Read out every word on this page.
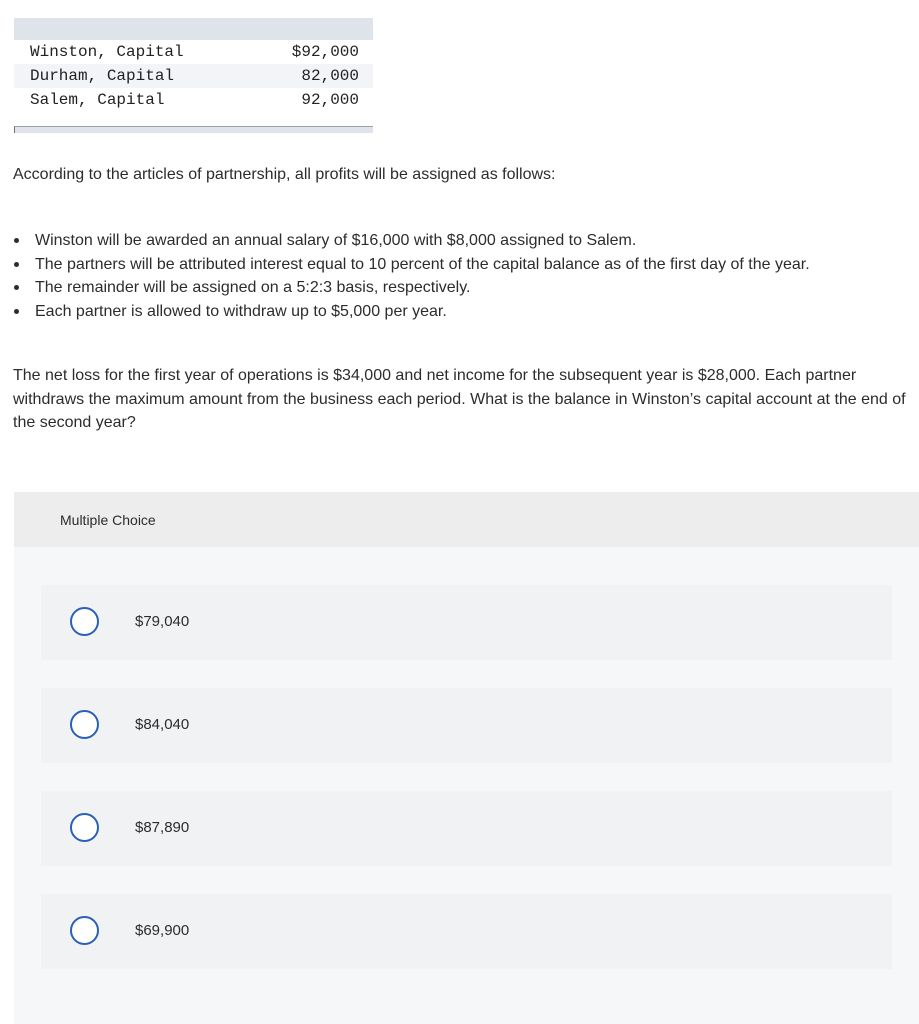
Winston, Capital	$92,000
Durham, Capital	82,000
Salem, Capital	92,000

According to the articles of partnership, all profits will be assigned as follows:

Winston will be awarded an annual salary of $16,000 with $8,000 assigned to Salem.
The partners will be attributed interest equal to 10 percent of the capital balance as of the first day of the year.
The remainder will be assigned on a 5:2:3 basis, respectively.
Each partner is allowed to withdraw up to $5,000 per year.

The net loss for the first year of operations is $34,000 and net income for the subsequent year is $28,000. Each partner withdraws the maximum amount from the business each period. What is the balance in Winston’s capital account at the end of the second year?

Multiple Choice
$79,040
$84,040
$87,890
$69,900
